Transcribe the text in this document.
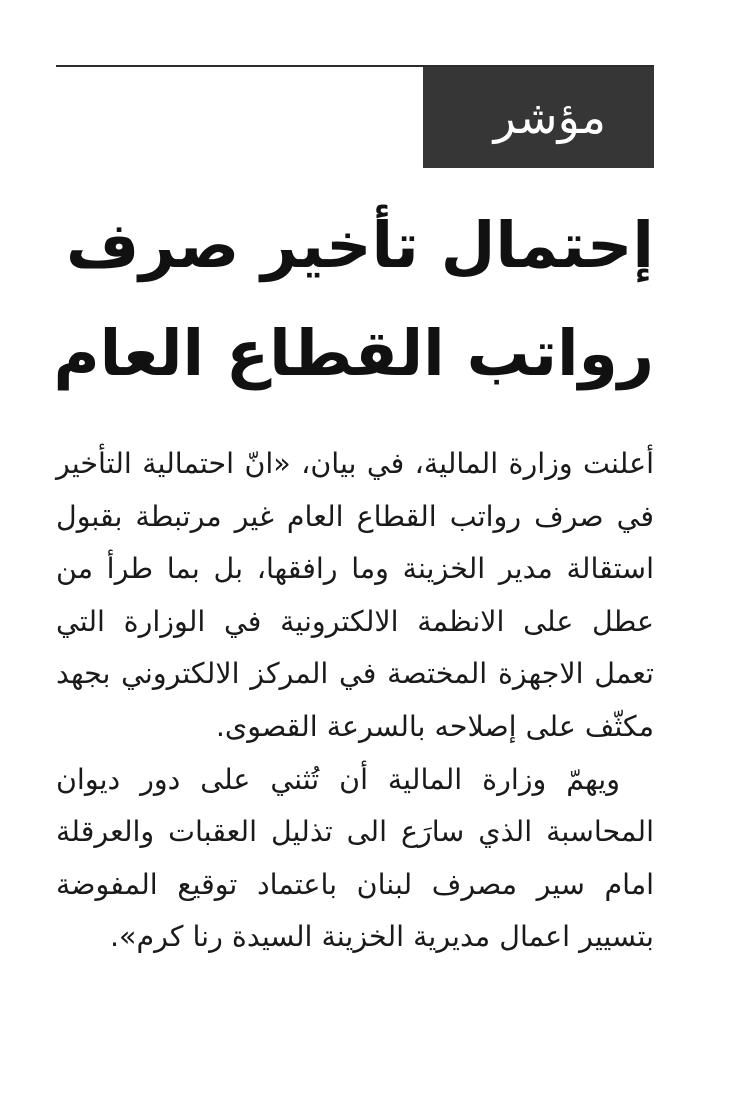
مؤشر
إحتمال تأخير صرف
رواتب القطاع العام

أعلنت وزارة المالية، في بيان، «انّ احتمالية التأخير في صرف رواتب القطاع العام غير مرتبطة بقبول استقالة مدير الخزينة وما رافقها، بل بما طرأ من عطل على الانظمة الالكترونية في الوزارة التي تعمل الاجهزة المختصة في المركز الالكتروني بجهد مكثّف على إصلاحه بالسرعة القصوى.

ويهمّ وزارة المالية أن تُثني على دور ديوان المحاسبة الذي سارَع الى تذليل العقبات والعرقلة امام سير مصرف لبنان باعتماد توقيع المفوضة بتسيير اعمال مديرية الخزينة السيدة رنا كرم».
